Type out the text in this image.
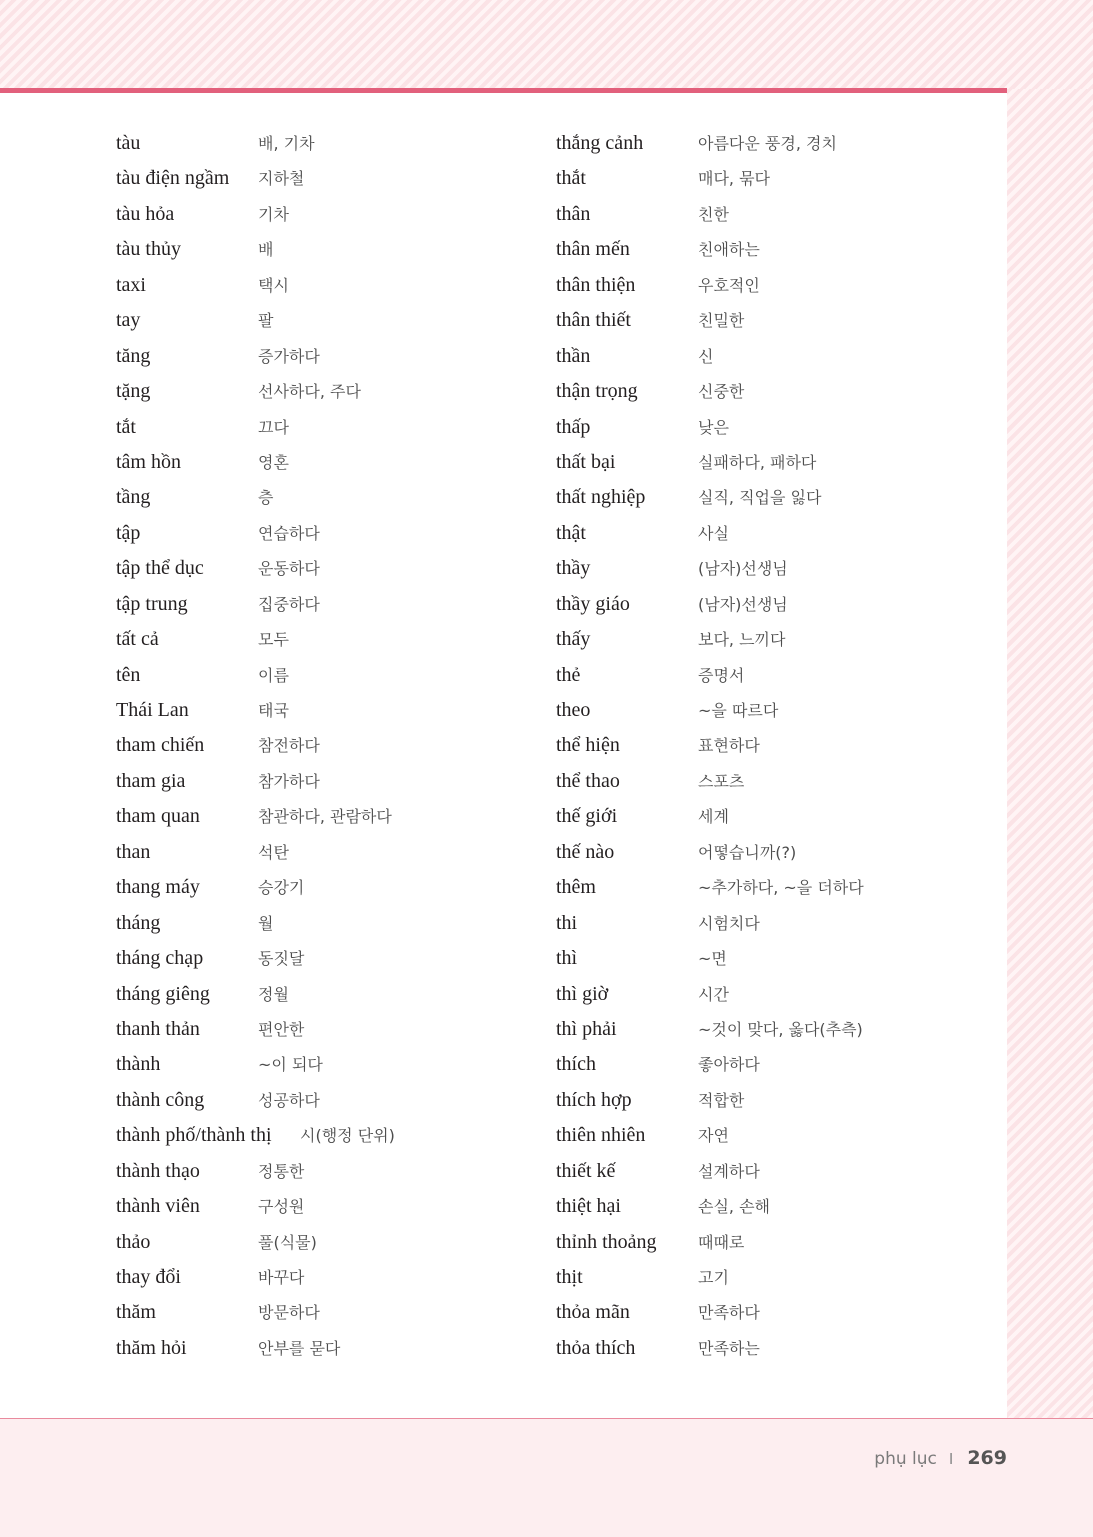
tàu	배, 기차
tàu điện ngầm 지하철
tàu hỏa	기차
tàu thủy	배
taxi	택시
tay	팔
tăng	증가하다
tặng	선사하다, 주다
tắt	끄다
tâm hồn	영혼
tầng	층
tập	연습하다
tập thể dục	운동하다
tập trung	집중하다
tất cả	모두
tên	이름
Thái Lan	태국
tham chiến	참전하다
tham gia	참가하다
tham quan	참관하다, 관람하다
than	석탄
thang máy	승강기
tháng	월
tháng chạp	동짓달
tháng giêng	정월
thanh thản	편안한
thành	~이 되다
thành công	성공하다
thành phố/thành thị 시(행정 단위)
thành thạo	정통한
thành viên	구성원
thảo	풀(식물)
thay đổi	바꾸다
thăm	방문하다
thăm hỏi	안부를 묻다
thắng cảnh	아름다운 풍경, 경치
thắt	매다, 묶다
thân	친한
thân mến	친애하는
thân thiện	우호적인
thân thiết	친밀한
thần	신
thận trọng	신중한
thấp	낮은
thất bại	실패하다, 패하다
thất nghiệp	실직, 직업을 잃다
thật	사실
thầy	(남자)선생님
thầy giáo	(남자)선생님
thấy	보다, 느끼다
thẻ	증명서
theo	~을 따르다
thể hiện	표현하다
thể thao	스포츠
thế giới	세계
thế nào	어떻습니까(?)
thêm	~추가하다, ~을 더하다
thi	시험치다
thì	~면
thì giờ	시간
thì phải	~것이 맞다, 옳다(추측)
thích	좋아하다
thích hợp	적합한
thiên nhiên	자연
thiết kế	설계하다
thiệt hại	손실, 손해
thỉnh thoảng	때때로
thịt	고기
thỏa mãn	만족하다
thỏa thích	만족하는
phụ lục I 269
